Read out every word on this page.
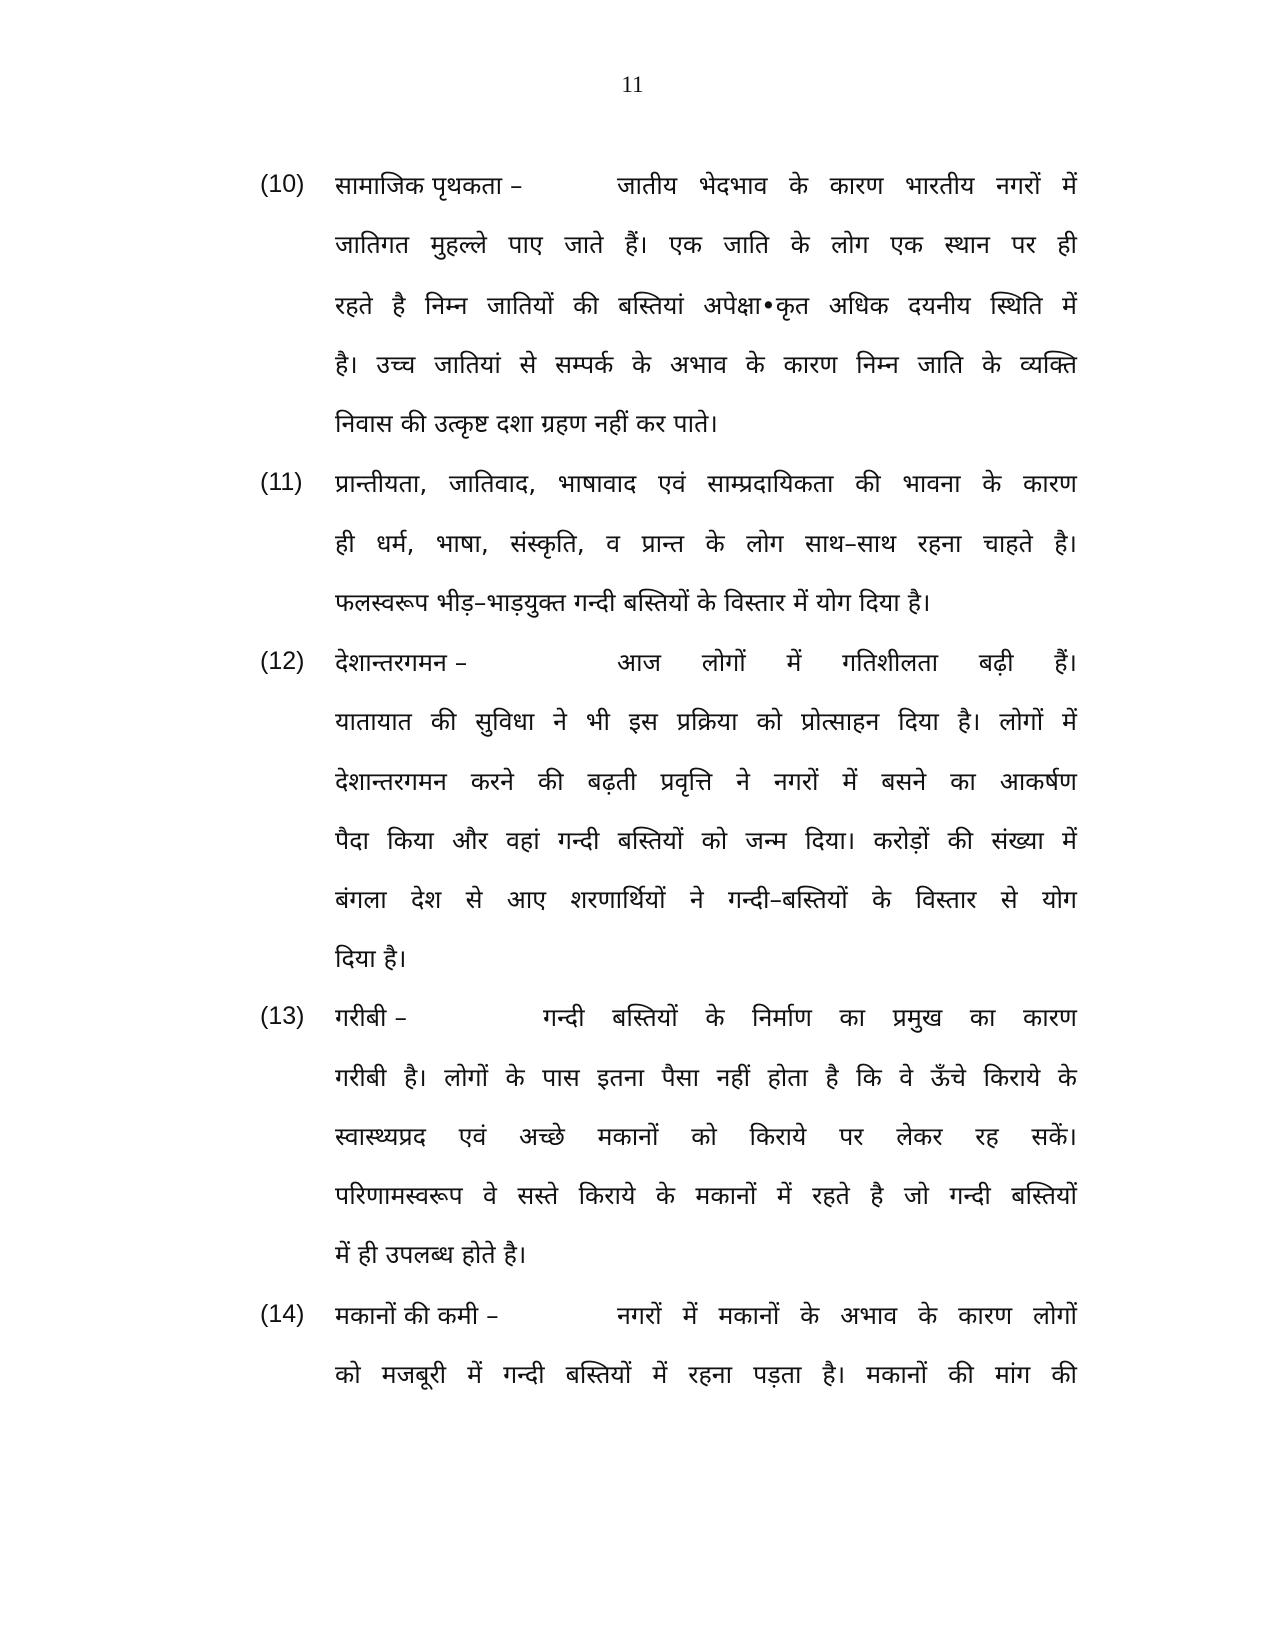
11
(10) सामाजिक पृथकता –	जातीय भेदभाव के कारण भारतीय नगरों में
जातिगत मुहल्ले पाए जाते हैं। एक जाति के लोग एक स्थान पर ही
रहते है निम्न जातियों की बस्तियां अपेक्षा•कृत अधिक दयनीय स्थिति में
है। उच्च जातियां से सम्पर्क के अभाव के कारण निम्न जाति के व्यक्ति
निवास की उत्कृष्ट दशा ग्रहण नहीं कर पाते।
(11) प्रान्तीयता, जातिवाद, भाषावाद एवं साम्प्रदायिकता की भावना के कारण
ही धर्म, भाषा, संस्कृति, व प्रान्त के लोग साथ–साथ रहना चाहते है।
फलस्वरूप भीड़–भाड़युक्त गन्दी बस्तियों के विस्तार में योग दिया है।
(12) देशान्तरगमन –	आज लोगों में गतिशीलता बढ़ी हैं।
यातायात की सुविधा ने भी इस प्रक्रिया को प्रोत्साहन दिया है। लोगों में
देशान्तरगमन करने की बढ़ती प्रवृत्ति ने नगरों में बसने का आकर्षण
पैदा किया और वहां गन्दी बस्तियों को जन्म दिया। करोड़ों की संख्या में
बंगला देश से आए शरणार्थियों ने गन्दी–बस्तियों के विस्तार से योग
दिया है।
(13) गरीबी –	गन्दी बस्तियों के निर्माण का प्रमुख का कारण
गरीबी है। लोगों के पास इतना पैसा नहीं होता है कि वे ऊँचे किराये के
स्वास्थ्यप्रद एवं अच्छे मकानों को किराये पर लेकर रह सकें।
परिणामस्वरूप वे सस्ते किराये के मकानों में रहते है जो गन्दी बस्तियों
में ही उपलब्ध होते है।
(14) मकानों की कमी –	नगरों में मकानों के अभाव के कारण लोगों
को मजबूरी में गन्दी बस्तियों में रहना पड़ता है। मकानों की मांग की
